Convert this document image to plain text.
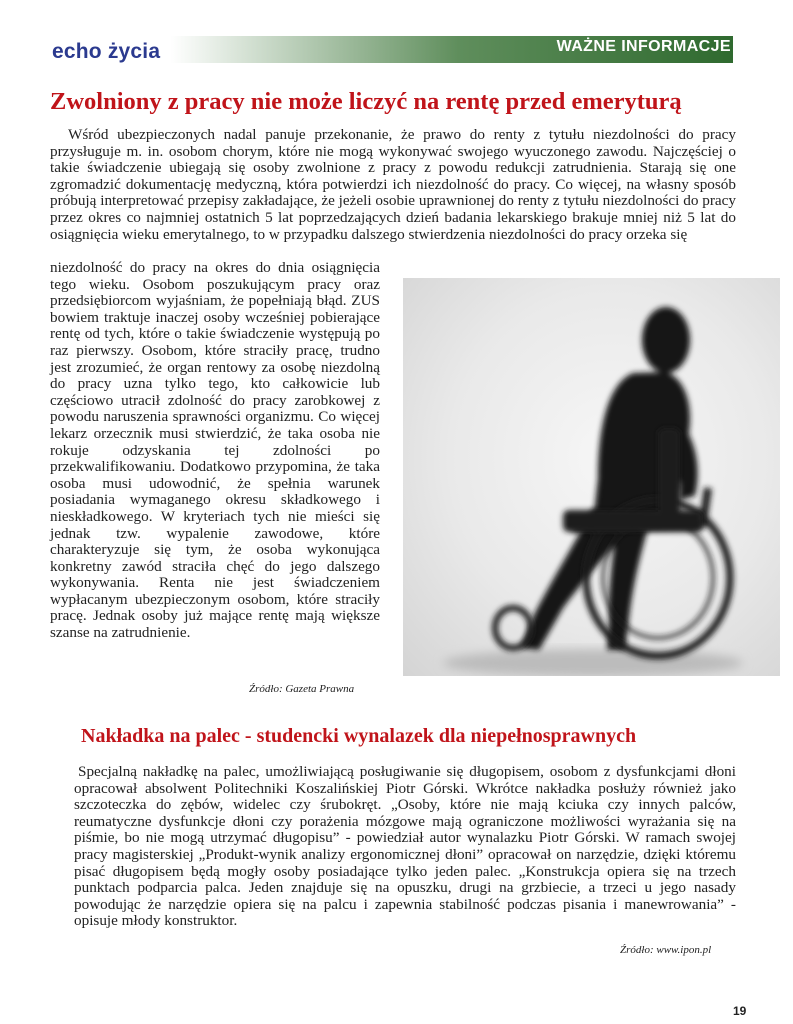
echo życia	WAŻNE INFORMACJE
Zwolniony z pracy nie może liczyć na rentę przed emeryturą

Wśród ubezpieczonych nadal panuje przekonanie, że prawo do renty z tytułu niezdolności do pracy przysługuje m. in. osobom chorym, które nie mogą wykonywać swojego wyuczonego zawodu. Najczęściej o takie świadczenie ubiegają się osoby zwolnione z pracy z powodu redukcji zatrudnienia. Starają się one zgromadzić dokumentację medyczną, która potwierdzi ich niezdolność do pracy. Co więcej, na własny sposób próbują interpretować przepisy zakładające, że jeżeli osobie uprawnionej do renty z tytułu niezdolności do pracy przez okres co najmniej ostatnich 5 lat poprzedzających dzień badania lekarskiego brakuje mniej niż 5 lat do osiągnięcia wieku emerytalnego, to w przypadku dalszego stwierdzenia niezdolności do pracy orzeka się

niezdolność do pracy na okres do dnia osiągnięcia tego wieku. Osobom poszukującym pracy oraz przedsiębiorcom wyjaśniam, że popełniają błąd. ZUS bowiem traktuje inaczej osoby wcześniej pobierające rentę od tych, które o takie świadczenie występują po raz pierwszy. Osobom, które straciły pracę, trudno jest zrozumieć, że organ rentowy za osobę niezdolną do pracy uzna tylko tego, kto całkowicie lub częściowo utracił zdolność do pracy zarobkowej z powodu naruszenia sprawności organizmu. Co więcej lekarz orzecznik musi stwierdzić, że taka osoba nie rokuje odzyskania tej zdolności po przekwalifikowaniu. Dodatkowo przypomina, że taka osoba musi udowodnić, że spełnia warunek posiadania wymaganego okresu składkowego i nieskładkowego. W kryteriach tych nie mieści się jednak tzw. wypalenie zawodowe, które charakteryzuje się tym, że osoba wykonująca konkretny zawód straciła chęć do jego dalszego wykonywania. Renta nie jest świadczeniem wypłacanym ubezpieczonym osobom, które straciły pracę. Jednak osoby już mające rentę mają większe szanse na zatrudnienie.

Źródło: Gazeta Prawna
Nakładka na palec - studencki wynalazek dla niepełnosprawnych

Specjalną nakładkę na palec, umożliwiającą posługiwanie się długopisem, osobom z dysfunkcjami dłoni opracował absolwent Politechniki Koszalińskiej Piotr Górski. Wkrótce nakładka posłuży również jako szczoteczka do zębów, widelec czy śrubokręt. „Osoby, które nie mają kciuka czy innych palców, reumatyczne dysfunkcje dłoni czy porażenia mózgowe mają ograniczone możliwości wyrażania się na piśmie, bo nie mogą utrzymać długopisu” - powiedział autor wynalazku Piotr Górski. W ramach swojej pracy magisterskiej „Produkt-wynik analizy ergonomicznej dłoni” opracował on narzędzie, dzięki któremu pisać długopisem będą mogły osoby posiadające tylko jeden palec. „Konstrukcja opiera się na trzech punktach podparcia palca. Jeden znajduje się na opuszku, drugi na grzbiecie, a trzeci u jego nasady powodując że narzędzie opiera się na palcu i zapewnia stabilność podczas pisania i manewrowania” - opisuje młody konstruktor.

Źródło: www.ipon.pl
19
